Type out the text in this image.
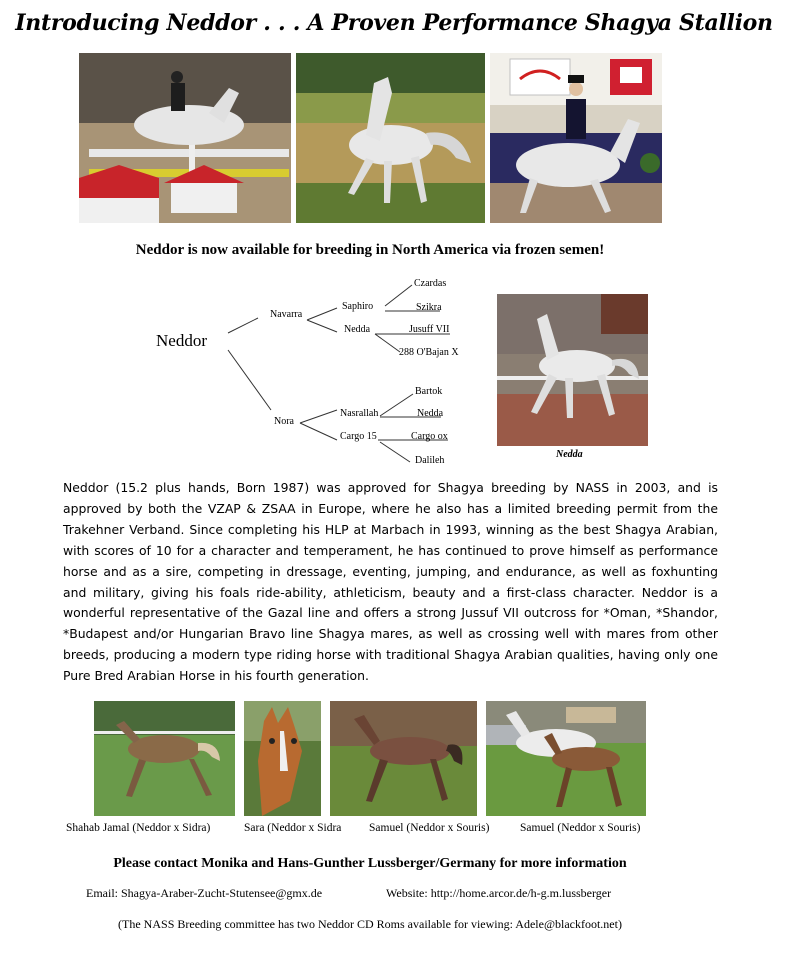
Introducing Neddor . . . A Proven Performance Shagya Stallion
Neddor is now available for breeding in North America via frozen semen!
Neddor
Navarra
Nora
Saphiro
Nedda
Nasrallah
Cargo 15
Czardas
Szikra
Jusuff VII
288 O'Bajan X
Bartok
Nedda
Cargo ox
Dalileh
Nedda
Neddor (15.2 plus hands, Born 1987) was approved for Shagya breeding by NASS in 2003, and is approved by both the VZAP & ZSAA in Europe, where he also has a limited breeding permit from the Trakehner Verband. Since completing his HLP at Marbach in 1993, winning as the best Shagya Arabian, with scores of 10 for a character and temperament, he has continued to prove himself as performance horse and as a sire, competing in dressage, eventing, jumping, and endurance, as well as foxhunting and military, giving his foals ride-ability, athleticism, beauty and a first-class character. Neddor is a wonderful representative of the Gazal line and offers a strong Jussuf VII outcross for *Oman, *Shandor, *Budapest and/or Hungarian Bravo line Shagya mares, as well as crossing well with mares from other breeds, producing a modern type riding horse with traditional Shagya Arabian qualities, having only one Pure Bred Arabian Horse in his fourth generation.
Shahab Jamal (Neddor x Sidra)	Sara (Neddor x Sidra Samuel (Neddor x Souris)	Samuel (Neddor x Souris)
Please contact Monika and Hans-Gunther Lussberger/Germany for more information
Email: Shagya-Araber-Zucht-Stutensee@gmx.de	Website: http://home.arcor.de/h-g.m.lussberger
(The NASS Breeding committee has two Neddor CD Roms available for viewing: Adele@blackfoot.net)
